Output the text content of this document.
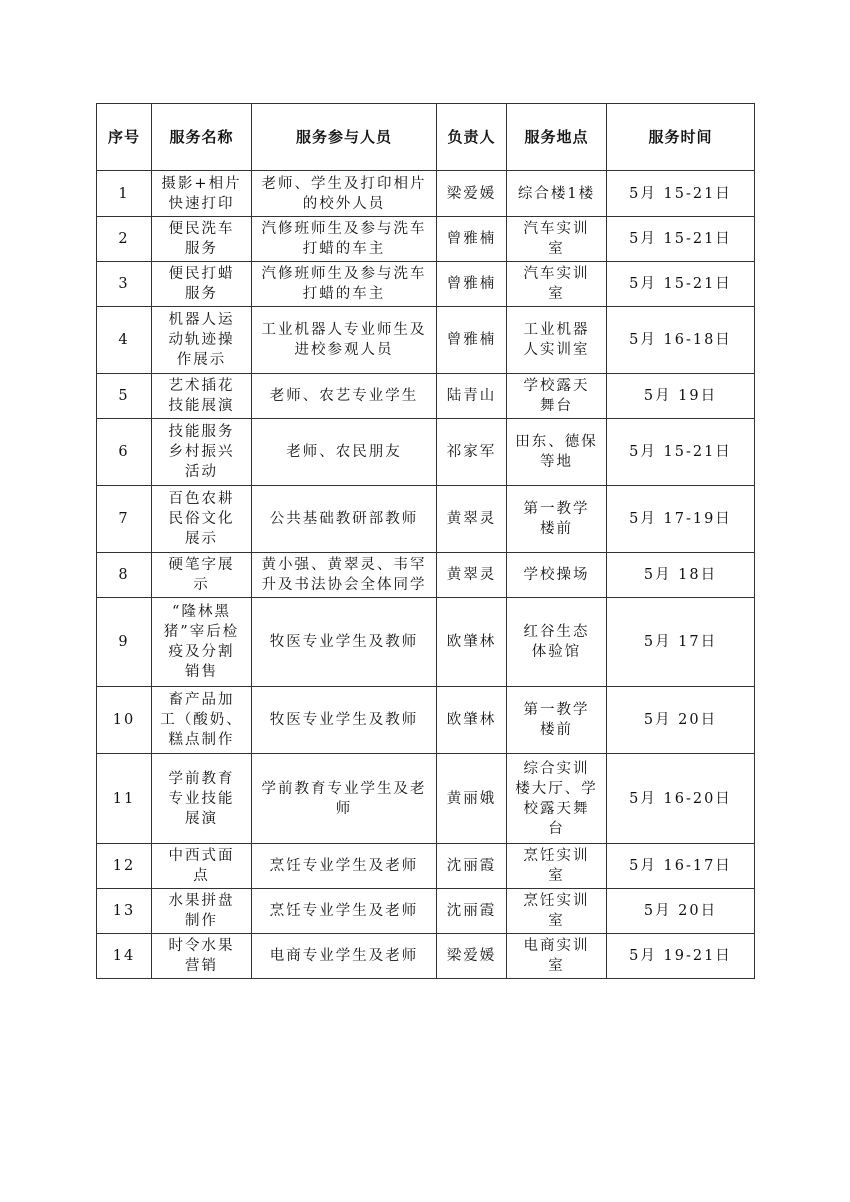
序号	服务名称	服务参与人员	负责人	服务地点	服务时间

1	摄影+相片
快速打印	老师、学生及打印相片
的校外人员	梁爱媛	综合楼1楼	5月 15-21日

2	便民洗车
服务	汽修班师生及参与洗车
打蜡的车主	曾雅楠	汽车实训
室	5月 15-21日

3	便民打蜡
服务	汽修班师生及参与洗车
打蜡的车主	曾雅楠	汽车实训
室	5月 15-21日

4	机器人运
动轨迹操
作展示	工业机器人专业师生及
进校参观人员	曾雅楠	工业机器
人实训室	5月 16-18日

5	艺术插花
技能展演	老师、农艺专业学生	陆青山	学校露天
舞台	5月 19日

6	技能服务
乡村振兴
活动	老师、农民朋友	祁家军	田东、德保
等地	5月 15-21日

7	百色农耕
民俗文化
展示	公共基础教研部教师	黄翠灵	第一教学
楼前	5月 17-19日

8	硬笔字展
示	黄小强、黄翠灵、韦罕
升及书法协会全体同学	黄翠灵	学校操场	5月 18日

9	“隆林黑
猪”宰后检
疫及分割
销售	牧医专业学生及教师	欧肇林	红谷生态
体验馆	5月 17日

10	畜产品加
工（酸奶、
糕点制作	牧医专业学生及教师	欧肇林	第一教学
楼前	5月 20日

11	学前教育
专业技能
展演	学前教育专业学生及老
师	黄丽娥	综合实训
楼大厅、学
校露天舞
台	5月 16-20日

12	中西式面
点	烹饪专业学生及老师	沈丽霞	烹饪实训
室	5月 16-17日

13	水果拼盘
制作	烹饪专业学生及老师	沈丽霞	烹饪实训
室	5月 20日

14	时令水果
营销	电商专业学生及老师	梁爱媛	电商实训
室	5月 19-21日
